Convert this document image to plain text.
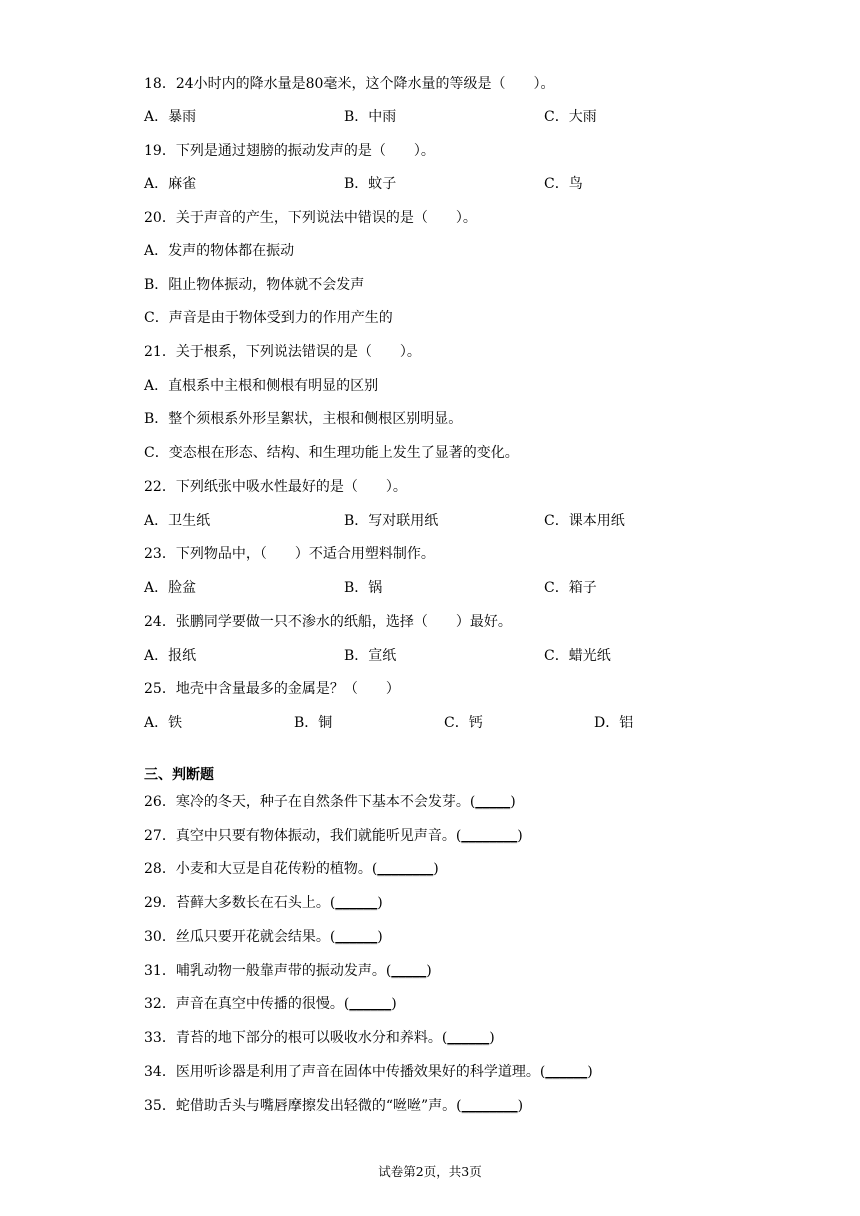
18．24小时内的降水量是80毫米，这个降水量的等级是（　　）。
A．暴雨	B．中雨	C．大雨
19．下列是通过翅膀的振动发声的是（　　）。
A．麻雀	B．蚊子	C．鸟
20．关于声音的产生，下列说法中错误的是（　　）。
A．发声的物体都在振动
B．阻止物体振动，物体就不会发声
C．声音是由于物体受到力的作用产生的
21．关于根系，下列说法错误的是（　　）。
A．直根系中主根和侧根有明显的区别
B．整个须根系外形呈絮状，主根和侧根区别明显。
C．变态根在形态、结构、和生理功能上发生了显著的变化。
22．下列纸张中吸水性最好的是（　　）。
A．卫生纸	B．写对联用纸	C．课本用纸
23．下列物品中，（　　）不适合用塑料制作。
A．脸盆	B．锅	C．箱子
24．张鹏同学要做一只不渗水的纸船，选择（　　）最好。
A．报纸	B．宣纸	C．蜡光纸
25．地壳中含量最多的金属是？（　　）
A．铁	B．铜	C．钙	D．铝
三、判断题
26．寒冷的冬天，种子在自然条件下基本不会发芽。(_____)
27．真空中只要有物体振动，我们就能听见声音。(________)
28．小麦和大豆是自花传粉的植物。(________)
29．苔藓大多数长在石头上。(______)
30．丝瓜只要开花就会结果。(______)
31．哺乳动物一般靠声带的振动发声。(_____)
32．声音在真空中传播的很慢。(______)
33．青苔的地下部分的根可以吸收水分和养料。(______)
34．医用听诊器是利用了声音在固体中传播效果好的科学道理。(______)
35．蛇借助舌头与嘴唇摩擦发出轻微的“咝咝”声。(________)
试卷第2页，共3页
